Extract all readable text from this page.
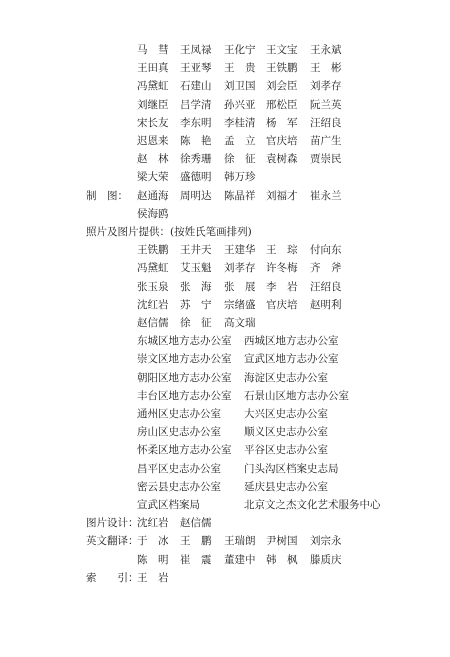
马　彗 王凤禄 王化宁 王文宝 王永斌
王田真 王亚琴 王　贵 王铁鹏 王　彬
冯黛虹 石建山 刘卫国 刘会臣 刘孝存
刘继臣 吕学清 孙兴亚 邢松臣 阮兰英
宋长友 李东明 李桂清 杨　军 汪绍良
迟恩来 陈　艳 孟　立 官庆培 苗广生
赵　林 徐秀珊 徐　征 袁树森 贾崇民
梁大荣 盛德明 韩万珍
制　图： 赵通海 周明达 陈晶祥 刘福才 崔永兰
侯海鸥
照片及图片提供：(按姓氏笔画排列)
王铁鹏 王井天 王建华 王　琮 付向东
冯黛虹 艾玉魁 刘孝存 许冬梅 齐　斧
张玉泉 张　海 张　展 李　岩 汪绍良
沈红岩 苏　宁 宗绪盛 官庆培 赵明利
赵信儒 徐　征 高文瑞
东城区地方志办公室 西城区地方志办公室
崇文区地方志办公室 宣武区地方志办公室
朝阳区地方志办公室 海淀区史志办公室
丰台区地方志办公室 石景山区地方志办公室
通州区史志办公室 大兴区史志办公室
房山区史志办公室 顺义区史志办公室
怀柔区地方志办公室 平谷区史志办公室
昌平区史志办公室 门头沟区档案史志局
密云县史志办公室 延庆县史志办公室
宣武区档案局	北京文之杰文化艺术服务中心
图片设计：
沈红岩 赵信儒
英文翻译：
于　冰 王　鹏 王瑞朗 尹树国 刘宗永
陈　明 崔　震 董建中 韩　枫 滕质庆
索　　引：
王　岩
